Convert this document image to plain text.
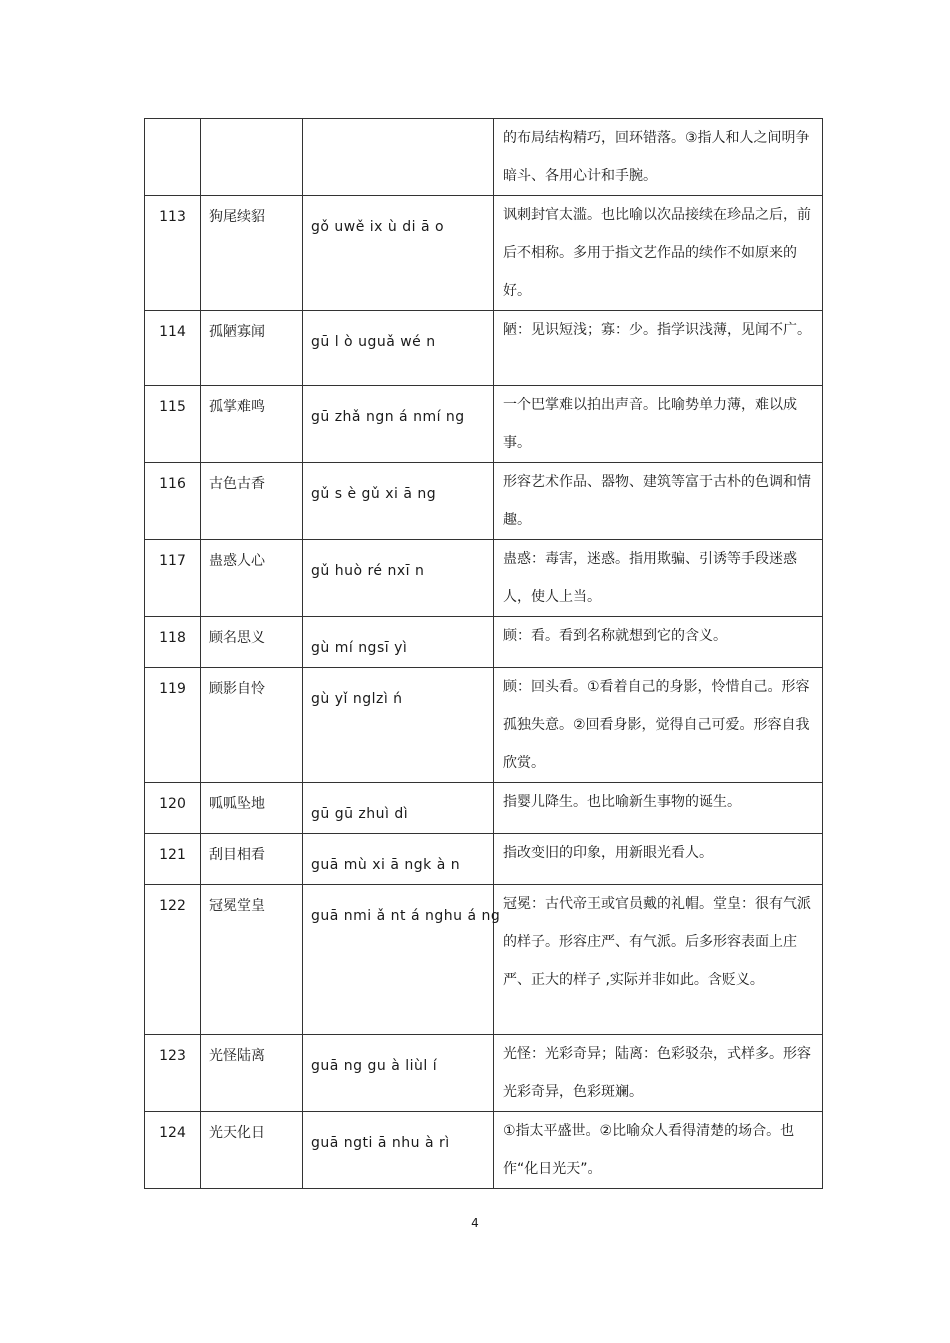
			的布局结构精巧，回环错落。③指人和人之间明争暗斗、各用心计和手腕。

113	狗尾续貂	gǒ uwě ix ù di ā o	讽刺封官太滥。也比喻以次品接续在珍品之后，前后不相称。多用于指文艺作品的续作不如原来的好。

114	孤陋寡闻	gū l ò uguǎ wé n	陋：见识短浅；寡：少。指学识浅薄，见闻不广。

115	孤掌难鸣	gū zhǎ ngn á nmí ng	一个巴掌难以拍出声音。比喻势单力薄，难以成事。

116	古色古香	gǔ s è gǔ xi ā ng	形容艺术作品、器物、建筑等富于古朴的色调和情趣。

117	蛊惑人心	gǔ huò ré nxī n	蛊惑：毒害，迷惑。指用欺骗、引诱等手段迷惑人，使人上当。

118	顾名思义	gù mí ngsī yì	顾：看。看到名称就想到它的含义。

119	顾影自怜	gù yǐ nglzì ń	顾：回头看。①看着自己的身影，怜惜自己。形容孤独失意。②回看身影，觉得自己可爱。形容自我欣赏。

120	呱呱坠地	gū gū zhuì dì	指婴儿降生。也比喻新生事物的诞生。

121	刮目相看	guā mù xi ā ngk à n	指改变旧的印象，用新眼光看人。

122	冠冕堂皇	guā nmi ǎ nt á nghu á ng	冠冕：古代帝王或官员戴的礼帽。堂皇：很有气派的样子。形容庄严、有气派。后多形容表面上庄严、正大的样子 ,实际并非如此。含贬义。

123	光怪陆离	guā ng gu à liùl í	光怪：光彩奇异；陆离：色彩驳杂，式样多。形容光彩奇异，色彩斑斓。

124	光天化日	guā ngti ā nhu à rì	①指太平盛世。②比喻众人看得清楚的场合。也作“化日光天”。
4
